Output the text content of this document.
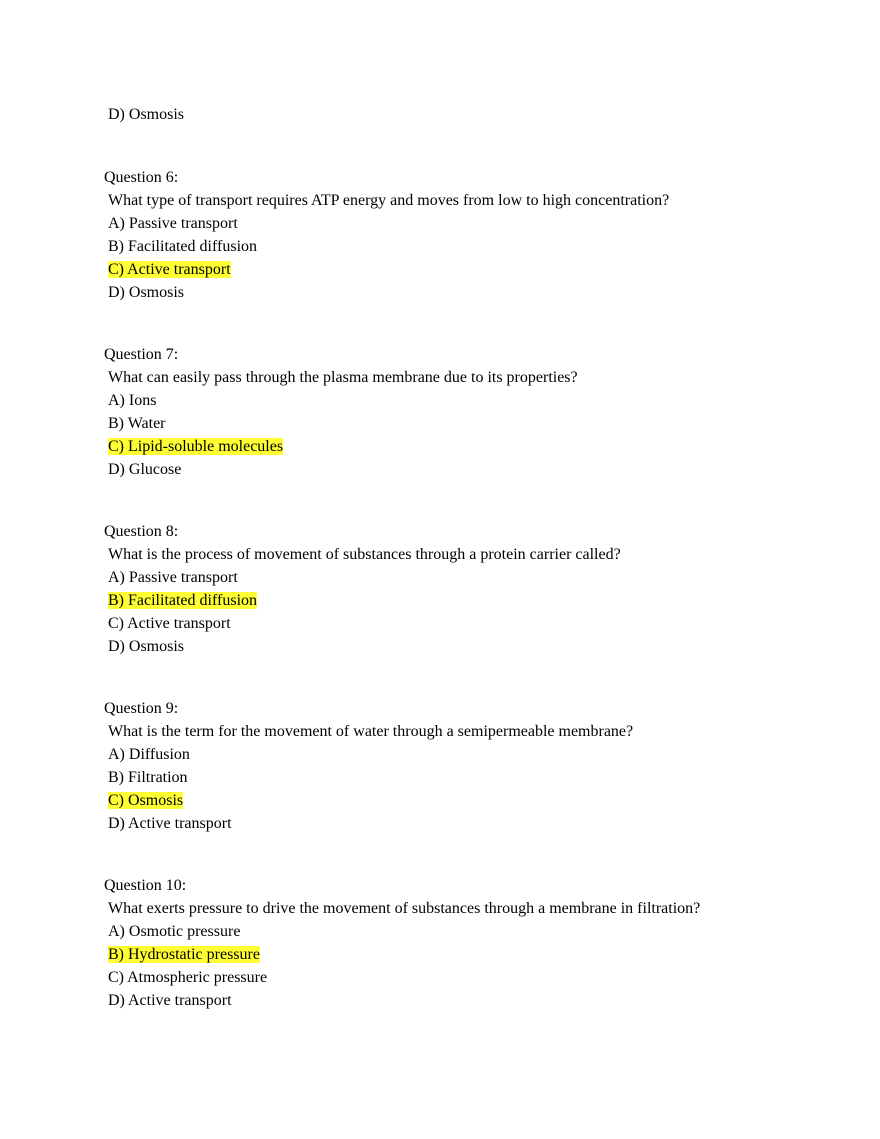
D) Osmosis
Question 6:
What type of transport requires ATP energy and moves from low to high concentration?
A) Passive transport
B) Facilitated diffusion
C) Active transport
D) Osmosis
Question 7:
What can easily pass through the plasma membrane due to its properties?
A) Ions
B) Water
C) Lipid-soluble molecules
D) Glucose
Question 8:
What is the process of movement of substances through a protein carrier called?
A) Passive transport
B) Facilitated diffusion
C) Active transport
D) Osmosis
Question 9:
What is the term for the movement of water through a semipermeable membrane?
A) Diffusion
B) Filtration
C) Osmosis
D) Active transport
Question 10:
What exerts pressure to drive the movement of substances through a membrane in filtration?
A) Osmotic pressure
B) Hydrostatic pressure
C) Atmospheric pressure
D) Active transport
